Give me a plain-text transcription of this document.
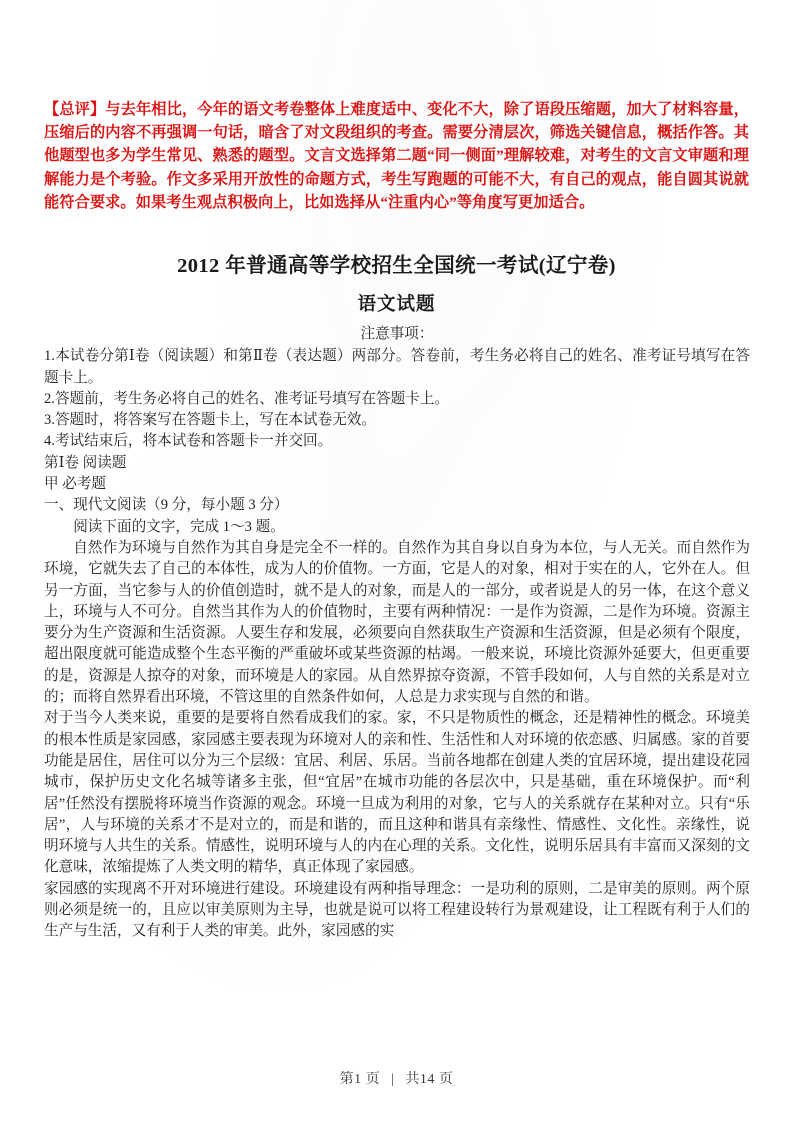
【总评】与去年相比，今年的语文考卷整体上难度适中、变化不大，除了语段压缩题，加大了材料容量，压缩后的内容不再强调一句话，暗含了对文段组织的考查。需要分清层次，筛选关键信息，概括作答。其他题型也多为学生常见、熟悉的题型。文言文选择第二题“同一侧面”理解较难，对考生的文言文审题和理解能力是个考验。作文多采用开放性的命题方式，考生写跑题的可能不大，有自己的观点，能自圆其说就能符合要求。如果考生观点积极向上，比如选择从“注重内心”等角度写更加适合。
2012 年普通高等学校招生全国统一考试(辽宁卷)
语文试题

注意事项：

1.本试卷分第Ⅰ卷（阅读题）和第Ⅱ卷（表达题）两部分。答卷前，考生务必将自己的姓名、准考证号填写在答题卡上。

2.答题前，考生务必将自己的姓名、准考证号填写在答题卡上。

3.答题时，将答案写在答题卡上，写在本试卷无效。

4.考试结束后，将本试卷和答题卡一并交回。

第Ⅰ卷 阅读题

甲 必考题

一、现代文阅读（9 分，每小题 3 分）

阅读下面的文字，完成 1～3 题。

自然作为环境与自然作为其自身是完全不一样的。自然作为其自身以自身为本位，与人无关。而自然作为环境，它就失去了自己的本体性，成为人的价值物。一方面，它是人的对象，相对于实在的人，它外在人。但另一方面，当它参与人的价值创造时，就不是人的对象，而是人的一部分，或者说是人的另一体，在这个意义上，环境与人不可分。自然当其作为人的价值物时，主要有两种情况：一是作为资源，二是作为环境。资源主要分为生产资源和生活资源。人要生存和发展，必须要向自然获取生产资源和生活资源，但是必须有个限度，超出限度就可能造成整个生态平衡的严重破坏或某些资源的枯竭。一般来说，环境比资源外延要大，但更重要的是，资源是人掠夺的对象，而环境是人的家园。从自然界掠夺资源，不管手段如何，人与自然的关系是对立的；而将自然界看出环境，不管这里的自然条件如何，人总是力求实现与自然的和谐。

对于当今人类来说，重要的是要将自然看成我们的家。家，不只是物质性的概念，还是精神性的概念。环境美的根本性质是家园感，家园感主要表现为环境对人的亲和性、生活性和人对环境的依恋感、归属感。家的首要功能是居住，居住可以分为三个层级：宜居、利居、乐居。当前各地都在创建人类的宜居环境，提出建设花园城市，保护历史文化名城等诸多主张，但“宜居”在城市功能的各层次中，只是基础，重在环境保护。而“利居”任然没有摆脱将环境当作资源的观念。环境一旦成为利用的对象，它与人的关系就存在某种对立。只有“乐居”，人与环境的关系才不是对立的，而是和谐的，而且这种和谐具有亲缘性、情感性、文化性。亲缘性，说明环境与人共生的关系。情感性，说明环境与人的内在心理的关系。文化性，说明乐居具有丰富而又深刻的文化意味，浓缩提炼了人类文明的精华，真正体现了家园感。

家园感的实现离不开对环境进行建设。环境建设有两种指导理念：一是功利的原则，二是审美的原则。两个原则必须是统一的，且应以审美原则为主导，也就是说可以将工程建设转行为景观建设，让工程既有利于人们的生产与生活，又有利于人类的审美。此外，家园感的实

第1 页 | 共14 页
